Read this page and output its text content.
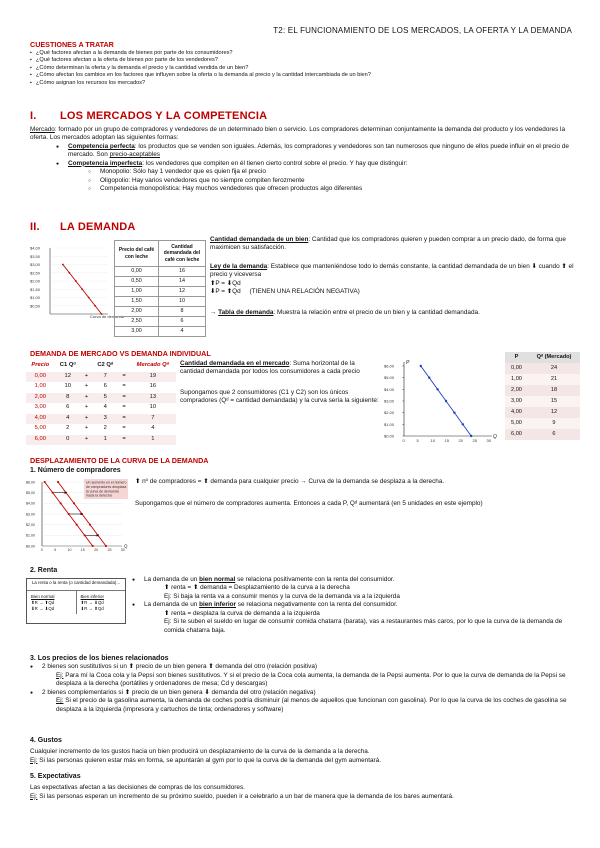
T2: EL FUNCIONAMIENTO DE LOS MERCADOS, LA OFERTA Y LA DEMANDA
CUESTIONES A TRATAR
▪ ¿Qué factores afectan a la demanda de bienes por parte de los consumidores?
▪ ¿Qué factores afectan a la oferta de bienes por parte de los vendedores?
▪ ¿Cómo determinan la oferta y la demanda el precio y la cantidad vendida de un bien?
▪ ¿Cómo afectan los cambios en los factores que influyen sobre la oferta o la demanda al precio y la cantidad intercambiada de un bien?
▪ ¿Cómo asignan los recursos los mercados?
I. LOS MERCADOS Y LA COMPETENCIA
Mercado: formado por un grupo de compradores y vendedores de un determinado bien o servicio. Los compradores determinan conjuntamente la demanda del producto y los vendedores la oferta. Los mercados adoptan las siguientes formas:
● Competencia perfecta: los productos que se venden son iguales. Además, los compradores y vendedores son tan numerosos que ninguno de ellos puede influir en el precio de mercado. Son precio-aceptables
● Competencia imperfecta: los vendedores que compiten en él tienen cierto control sobre el precio. Y hay que distinguir:
○ Monopolio: Sólo hay 1 vendedor que es quien fija el precio
○ Oligopolio: Hay varios vendedores que no siempre compiten ferozmente
○ Competencia monopolística: Hay muchos vendedores que ofrecen productos algo diferentes
II. LA DEMANDA
$4,00
$3,50
$3,00
$2,50
$2,00
$1,50
$1,00
$0,50
Curva de demanda
Precio del café con leche	Cantidad demandada del café con leche
0,00	16
0,50	14
1,00	12
1,50	10
2,00	8
2,50	6
3,00	4
Cantidad demandada de un bien: Cantidad que los compradores quieren y pueden comprar a un precio dado, de forma que maximicen su satisfacción.
Ley de la demanda: Establece que manteniéndose todo lo demás constante, la cantidad demandada de un bien ⬇ cuando ⬆ el precio y viceversa
⬆P = ⬇Qd
⬇P = ⬆Qd     (TIENEN UNA RELACIÓN NEGATIVA)
→ Tabla de demanda: Muestra la relación entre el precio de un bien y la cantidad demandada.
DEMANDA DE MERCADO VS DEMANDA INDIVIDUAL
Precio	C1 Qᵈ		C2 Qᵈ		Mercado Qᵈ
0,00	12	+	7	=	19
1,00	10	+	6	=	16
2,00	8	+	5	=	13
3,00	6	+	4	=	10
4,00	4	+	3	=	7
5,00	2	+	2	=	4
6,00	0	+	1	=	1
Cantidad demandada en el mercado: Suma horizontal de la cantidad demandada por todos los consumidores a cada precio
Supongamos que 2 consumidores (C1 y C2) son los únicos compradores (Qᵈ = cantidad demandada) y la curva sería la siguiente:
P
Q
$6.00
$5.00
$4.00
$3.00
$2.00
$1.00
$0.00
0	5	10 15 20 25 30
P	Qᵈ (Mercado)
0,00	24
1,00	21
2,00	18
3,00	15
4,00	12
5,00	9
6,00	6
DESPLAZAMIENTO DE LA CURVA DE LA DEMANDA
1. Número de compradores
Q
$6,00
$5,00
$4,00
$3,00
$2,00
$1,00
$0,00
0	5	10	15	20	25	30
Un aumento en el número
de compradores desplaza
la curva de demanda
hacia la derecha
⬆ nº de compradores = ⬆ demanda para cualquier precio → Curva de la demanda se desplaza a la derecha.
Supongamos que el número de compradores aumenta. Entonces a cada P, Qᵈ aumentará (en 5 unidades en este ejemplo)
2. Renta
La renta o la renta (o cantidad demandada)...
Bien normal
⬆R → ⬆Qd
⬇R → ⬇Qd
Bien inferior
⬆R → ⬇Qd
⬇R → ⬆Qd
● La demanda de un bien normal se relaciona positivamente con la renta del consumidor.
⬆ renta = ⬆ demanda = Desplazamiento de la curva a la derecha
Ej: Si baja la renta va a consumir menos y la curva de la demanda va a la izquierda
● La demanda de un bien inferior se relaciona negativamente con la renta del consumidor.
⬆ renta = desplaza la curva de demanda a la izquierda
Ej: Si te suben el sueldo en lugar de consumir comida chatarra (barata), vas a restaurantes más caros, por lo que la curva de la demanda de comida chatarra baja.
3. Los precios de los bienes relacionados
● 2 bienes son sustitutivos si un ⬆ precio de un bien genera ⬆ demanda del otro (relación positiva)
Ej: Para mí la Coca cola y la Pepsi son bienes sustitutivos. Y si el precio de la Coca cola aumenta, la demanda de la Pepsi aumenta. Por lo que la curva de demanda de la Pepsi se desplaza a la derecha (portátiles y ordenadores de mesa; Cd y descargas)
● 2 bienes complementarios si ⬆ precio de un bien genera ⬇ demanda del otro (relación negativa)
Ej: Si el precio de la gasolina aumenta, la demanda de coches podría disminuir (al menos de aquellos que funcionan con gasolina). Por lo que la curva de los coches de gasolina se desplaza a la izquierda (impresora y cartuchos de tinta; ordenadores y software)
4. Gustos
Cualquier incremento de los gustos hacia un bien producirá un desplazamiento de la curva de la demanda a la derecha.
Ej: Si las personas quieren estar más en forma, se apuntarán al gym por lo que la curva de la demanda del gym aumentará.
5. Expectativas
Las expectativas afectan a las decisiones de compras de los consumidores.
Ej: Si las personas esperan un incremento de su próximo sueldo, pueden ir a celebrarlo a un bar de manera que la demanda de los bares aumentará.
